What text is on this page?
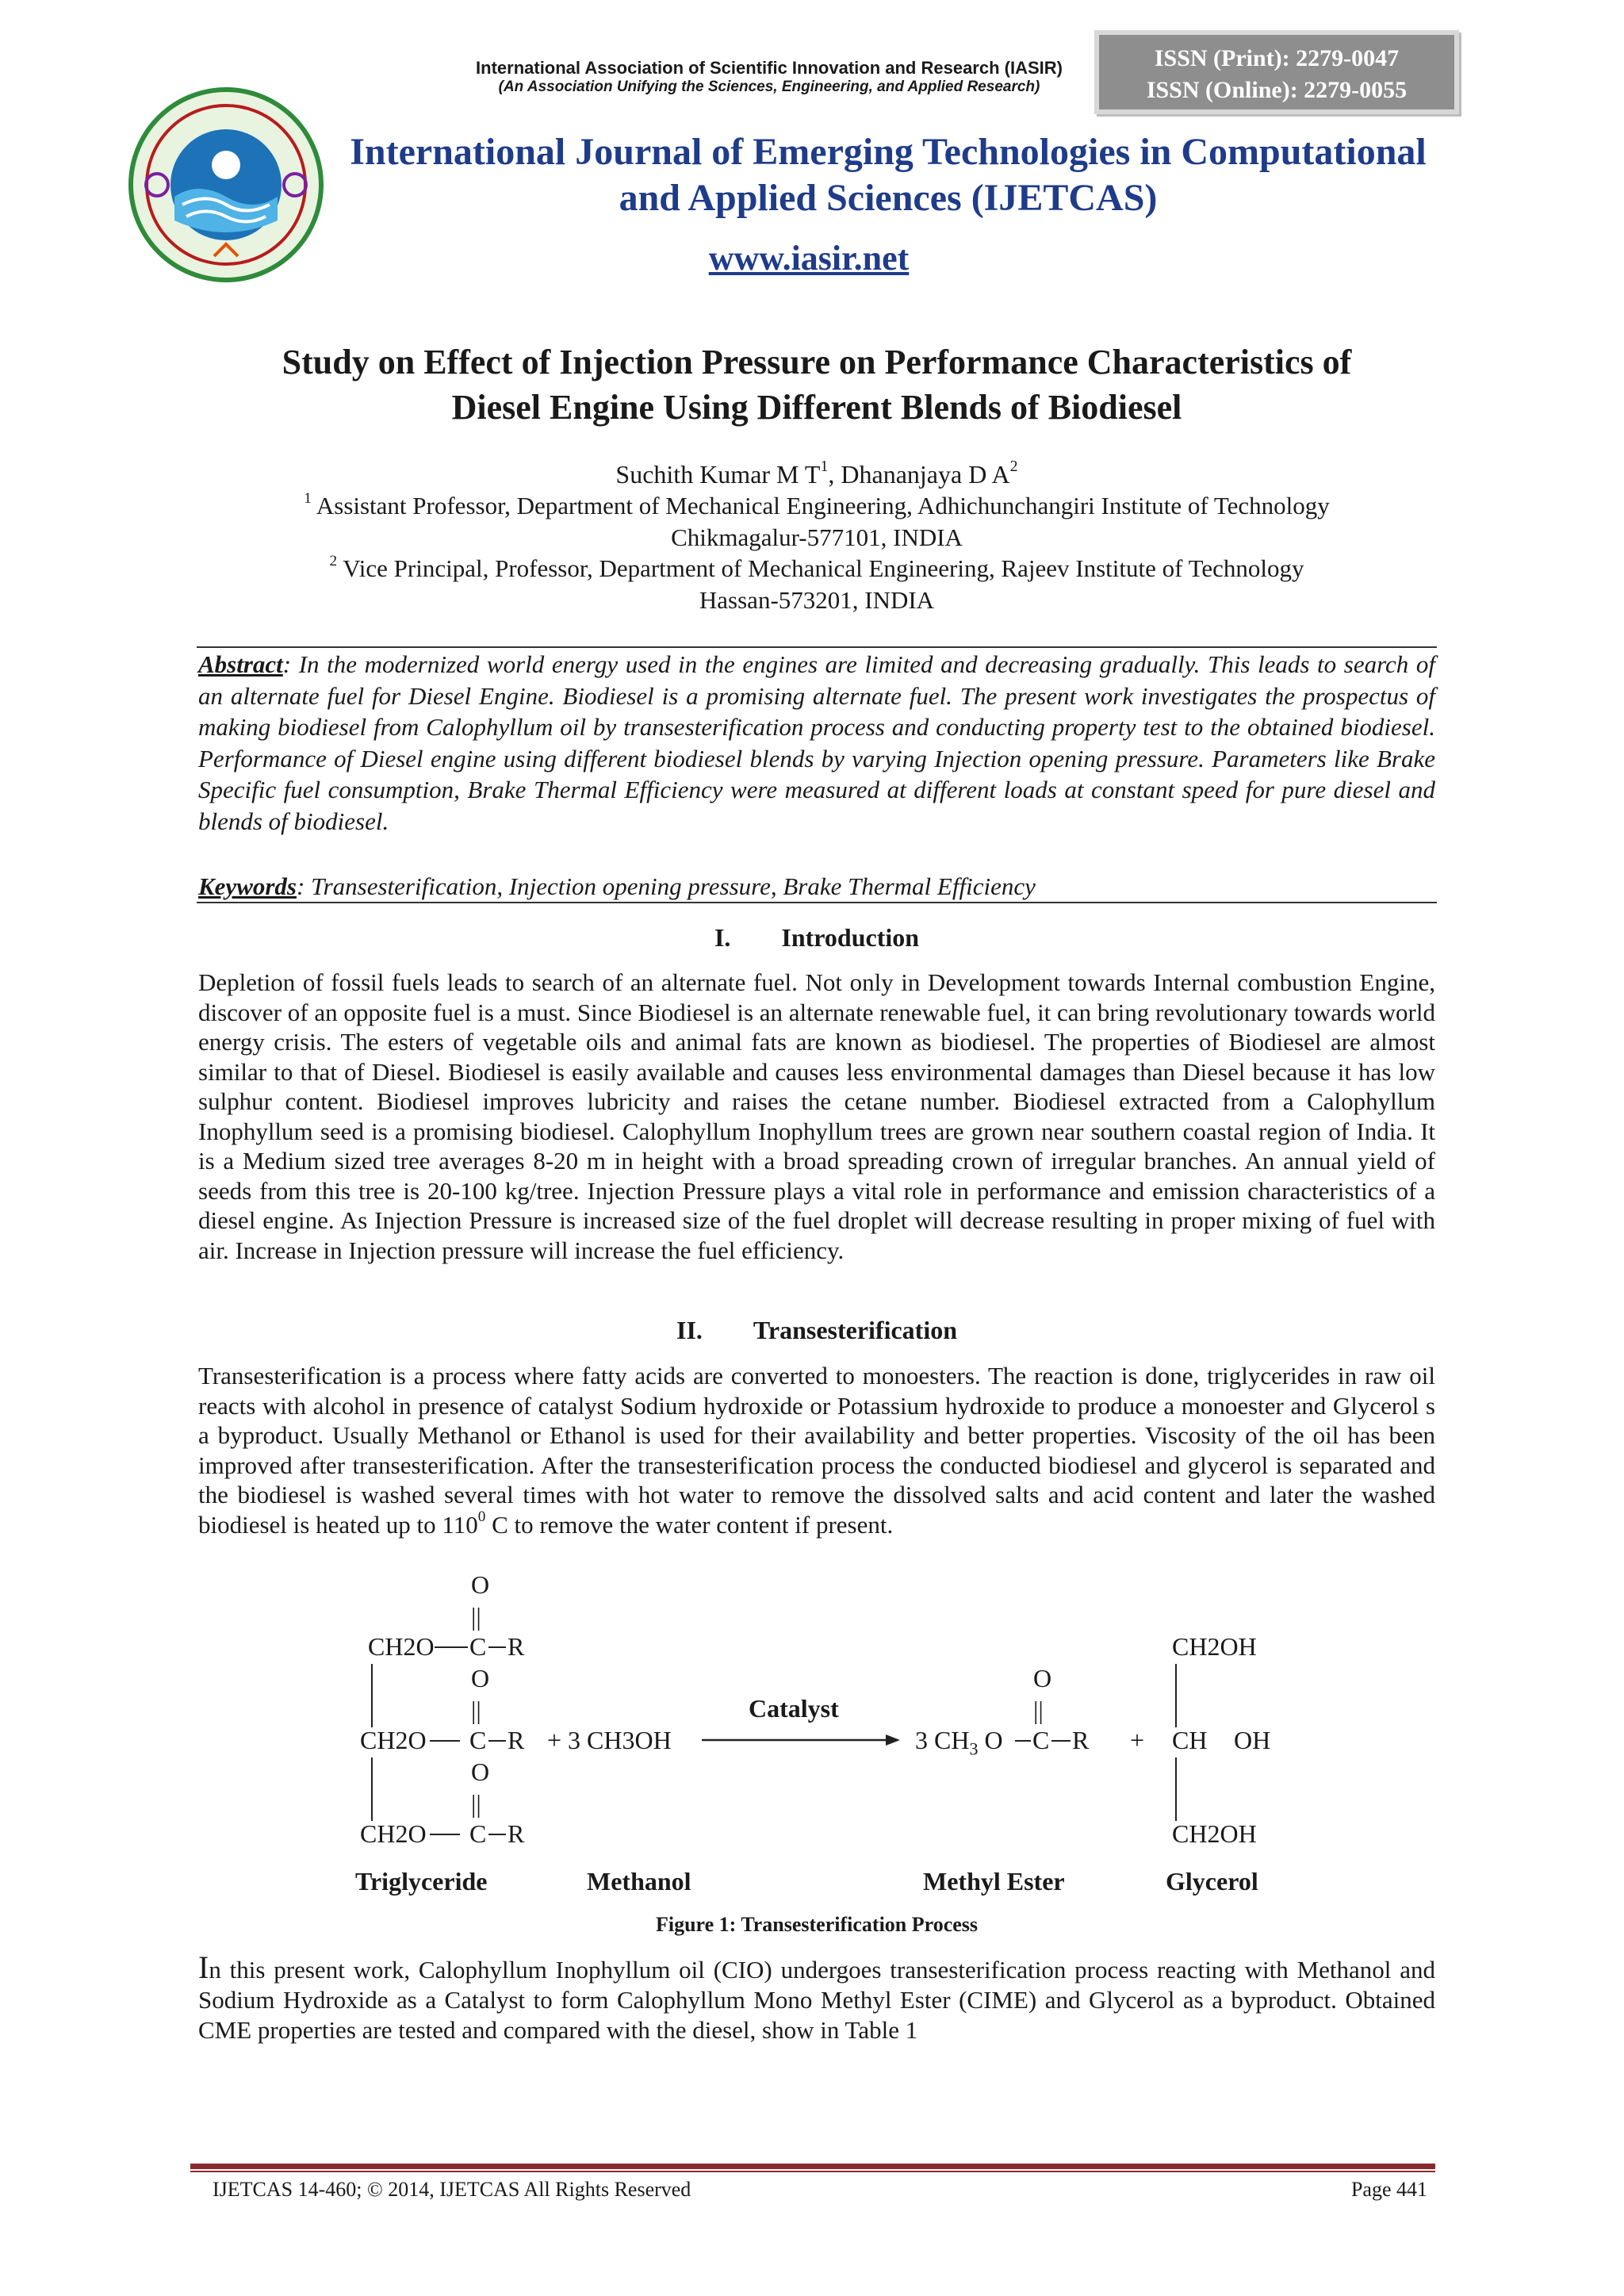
International Association of Scientific Innovation and Research (IASIR)
(An Association Unifying the Sciences, Engineering, and Applied Research)
ISSN (Print): 2279-0047
ISSN (Online): 2279-0055
International Journal of Emerging Technologies in Computational
and Applied Sciences (IJETCAS)
www.iasir.net
Study on Effect of Injection Pressure on Performance Characteristics of
Diesel Engine Using Different Blends of Biodiesel
Suchith Kumar M $T^1$, Dhananjaya D $A^2$
$^1$ Assistant Professor, Department of Mechanical Engineering, Adhichunchangiri Institute of Technology
Chikmagalur-577101, INDIA
$^2$ Vice Principal, Professor, Department of Mechanical Engineering, Rajeev Institute of Technology
Hassan-573201, INDIA
Abstract: In the modernized world energy used in the engines are limited and decreasing gradually. This leads to search of an alternate fuel for Diesel Engine. Biodiesel is a promising alternate fuel. The present work investigates the prospectus of making biodiesel from Calophyllum oil by transesterification process and conducting property test to the obtained biodiesel. Performance of Diesel engine using different biodiesel blends by varying Injection opening pressure. Parameters like Brake Specific fuel consumption, Brake Thermal Efficiency were measured at different loads at constant speed for pure diesel and blends of biodiesel.
Keywords: Transesterification, Injection opening pressure, Brake Thermal Efficiency
I.  Introduction
Depletion of fossil fuels leads to search of an alternate fuel. Not only in Development towards Internal combustion Engine, discover of an opposite fuel is a must. Since Biodiesel is an alternate renewable fuel, it can bring revolutionary towards world energy crisis. The esters of vegetable oils and animal fats are known as biodiesel. The properties of Biodiesel are almost similar to that of Diesel. Biodiesel is easily available and causes less environmental damages than Diesel because it has low sulphur content. Biodiesel improves lubricity and raises the cetane number. Biodiesel extracted from a Calophyllum Inophyllum seed is a promising biodiesel. Calophyllum Inophyllum trees are grown near southern coastal region of India. It is a Medium sized tree averages 8-20 m in height with a broad spreading crown of irregular branches. An annual yield of seeds from this tree is 20-100 kg/tree. Injection Pressure plays a vital role in performance and emission characteristics of a diesel engine. As Injection Pressure is increased size of the fuel droplet will decrease resulting in proper mixing of fuel with air. Increase in Injection pressure will increase the fuel efficiency.
II.  Transesterification
Transesterification is a process where fatty acids are converted to monoesters. The reaction is done, triglycerides in raw oil reacts with alcohol in presence of catalyst Sodium hydroxide or Potassium hydroxide to produce a monoester and Glycerol s a byproduct. Usually Methanol or Ethanol is used for their availability and better properties. Viscosity of the oil has been improved after transesterification. After the transesterification process the conducted biodiesel and glycerol is separated and the biodiesel is washed several times with hot water to remove the dissolved salts and acid content and later the washed biodiesel is heated up to $110^0$ C to remove the water content if present.
O
||
CH2O C R
O
||
CH2O C R + 3 CH3OH
O
||
CH2O C R
Catalyst
O
||
3 $CH_3$ O C R +
CH2OH
CH OH
CH2OH
Triglyceride	Methanol	Methyl Ester	Glycerol
Figure 1: Transesterification Process
In this present work, Calophyllum Inophyllum oil (CIO) undergoes transesterification process reacting with Methanol and Sodium Hydroxide as a Catalyst to form Calophyllum Mono Methyl Ester (CIME) and Glycerol as a byproduct. Obtained CME properties are tested and compared with the diesel, show in Table 1
IJETCAS 14-460; © 2014, IJETCAS All Rights Reserved	Page 441
